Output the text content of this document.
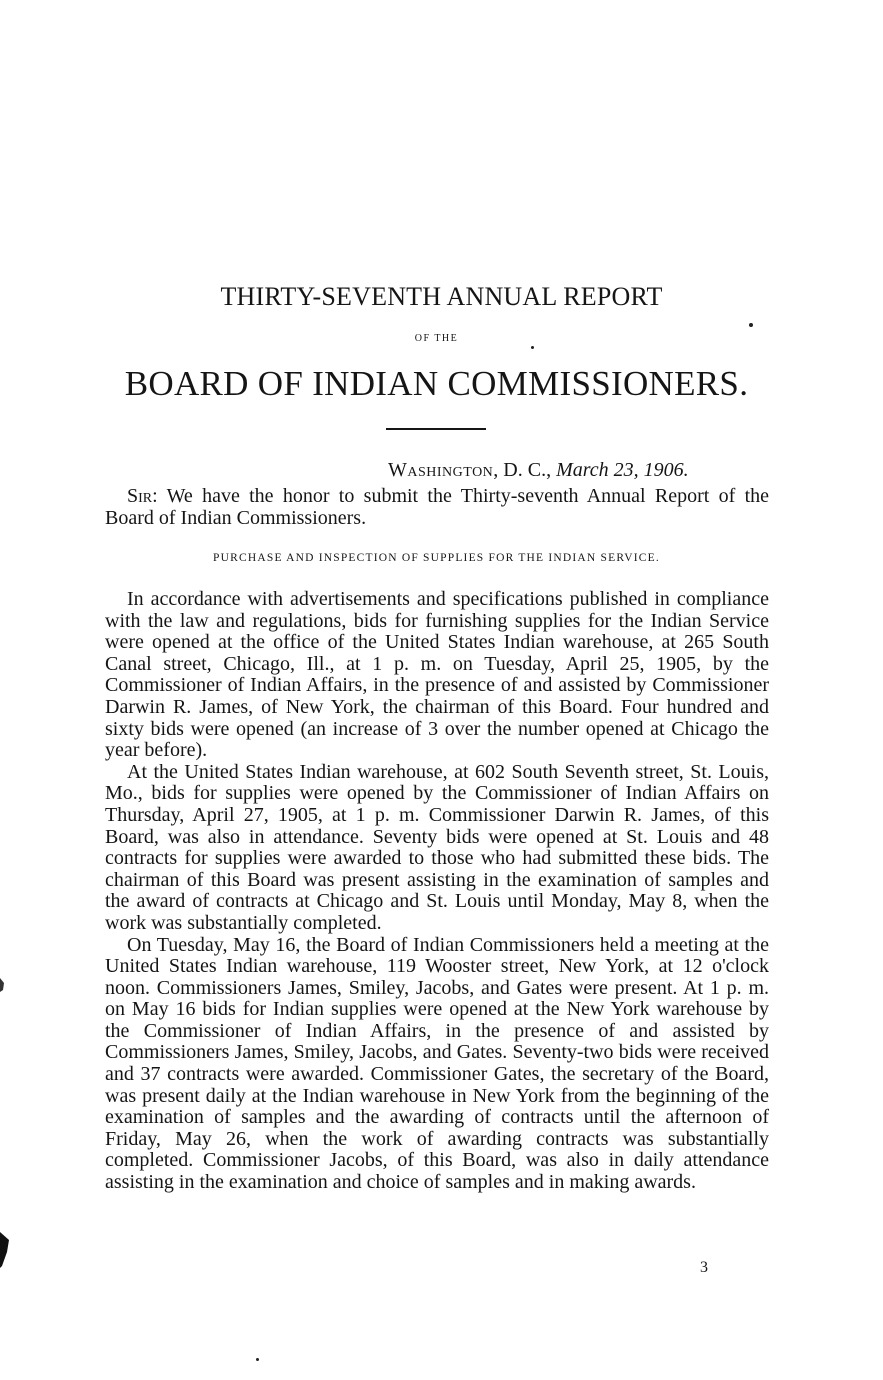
THIRTY-SEVENTH ANNUAL REPORT
OF THE
BOARD OF INDIAN COMMISSIONERS.
Washington, D. C., March 23, 1906.
Sir: We have the honor to submit the Thirty-seventh Annual Report of the Board of Indian Commissioners.
PURCHASE AND INSPECTION OF SUPPLIES FOR THE INDIAN SERVICE.

In accordance with advertisements and specifications published in compliance with the law and regulations, bids for furnishing supplies for the Indian Service were opened at the office of the United States Indian warehouse, at 265 South Canal street, Chicago, Ill., at 1 p. m. on Tuesday, April 25, 1905, by the Commissioner of Indian Affairs, in the presence of and assisted by Commissioner Darwin R. James, of New York, the chairman of this Board. Four hundred and sixty bids were opened (an increase of 3 over the number opened at Chicago the year before).

At the United States Indian warehouse, at 602 South Seventh street, St. Louis, Mo., bids for supplies were opened by the Commissioner of Indian Affairs on Thursday, April 27, 1905, at 1 p. m. Commissioner Darwin R. James, of this Board, was also in attendance. Seventy bids were opened at St. Louis and 48 contracts for supplies were awarded to those who had submitted these bids. The chairman of this Board was present assisting in the examination of samples and the award of contracts at Chicago and St. Louis until Monday, May 8, when the work was substantially completed.

On Tuesday, May 16, the Board of Indian Commissioners held a meeting at the United States Indian warehouse, 119 Wooster street, New York, at 12 o'clock noon. Commissioners James, Smiley, Jacobs, and Gates were present. At 1 p. m. on May 16 bids for Indian supplies were opened at the New York warehouse by the Commissioner of Indian Affairs, in the presence of and assisted by Commissioners James, Smiley, Jacobs, and Gates. Seventy-two bids were received and 37 contracts were awarded. Commissioner Gates, the secretary of the Board, was present daily at the Indian warehouse in New York from the beginning of the examination of samples and the awarding of contracts until the afternoon of Friday, May 26, when the work of awarding contracts was substantially completed. Commissioner Jacobs, of this Board, was also in daily attendance assisting in the examination and choice of samples and in making awards.

3
